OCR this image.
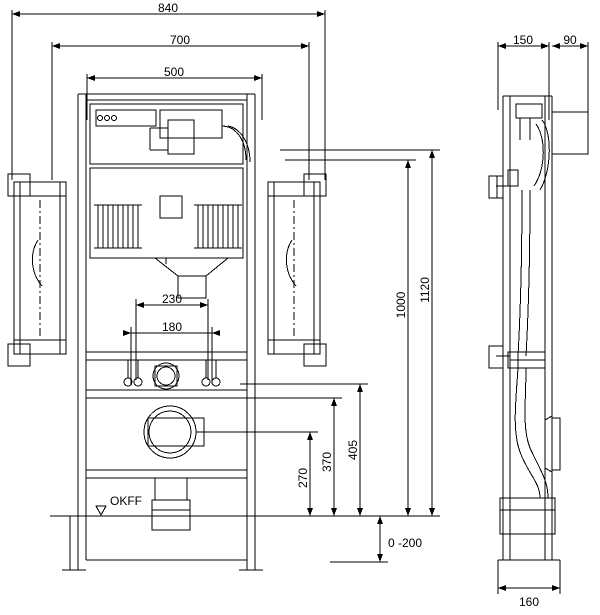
840
700
500
230
180
1120
1000
405
370
270
0 -200
OKFF
150	90
160
